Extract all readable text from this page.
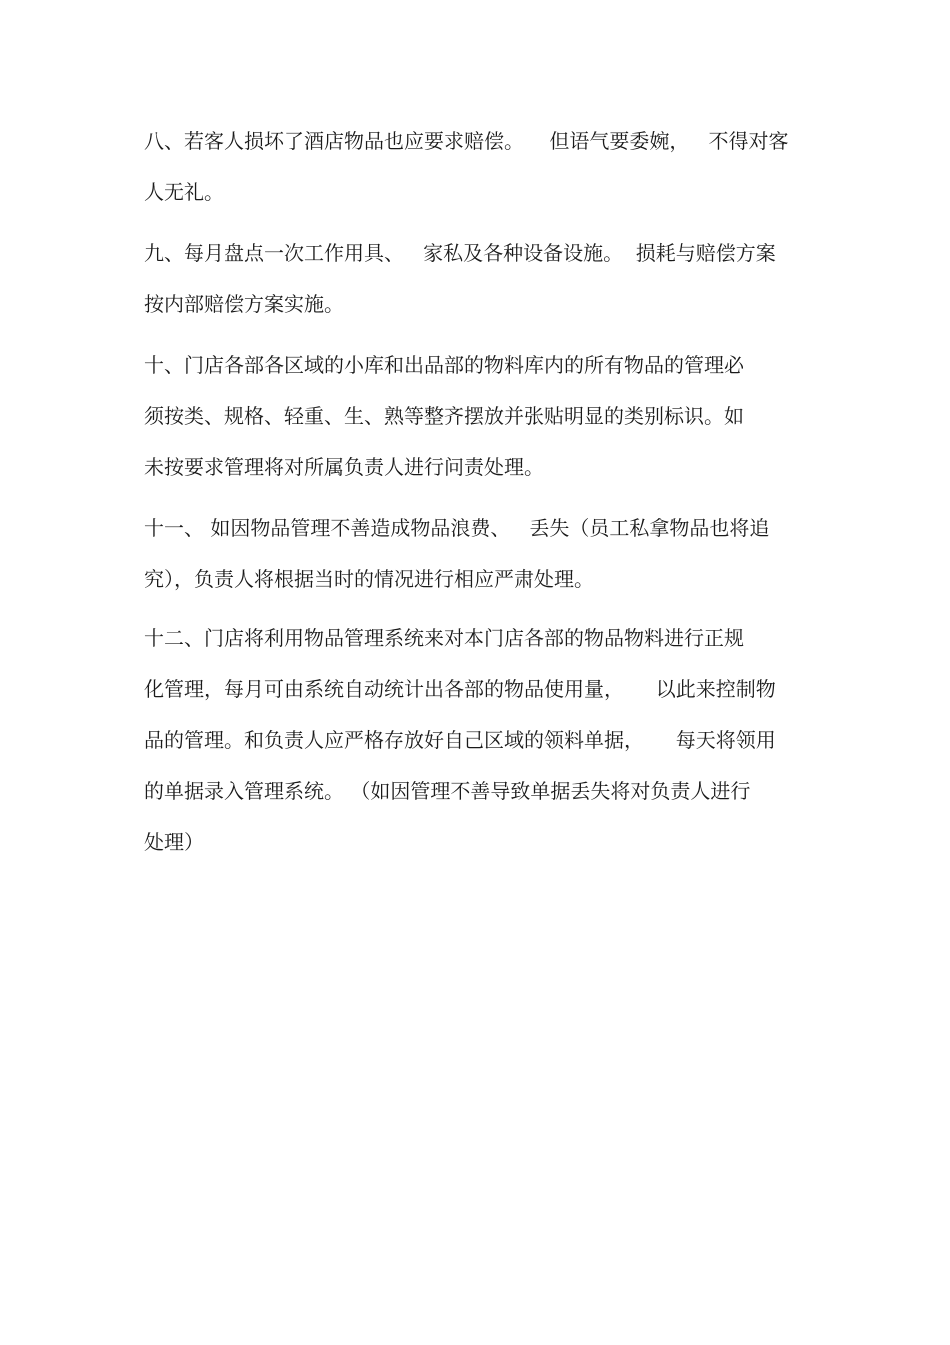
八、若客人损坏了酒店物品也应要求赔偿。    但语气要委婉，   不得对客
人无礼。
九、每月盘点一次工作用具、   家私及各种设备设施。  损耗与赔偿方案
按内部赔偿方案实施。
十、门店各部各区域的小库和出品部的物料库内的所有物品的管理必
须按类、规格、轻重、生、熟等整齐摆放并张贴明显的类别标识。如
未按要求管理将对所属负责人进行问责处理。
十一、 如因物品管理不善造成物品浪费、   丢失（员工私拿物品也将追
究），负责人将根据当时的情况进行相应严肃处理。
十二、门店将利用物品管理系统来对本门店各部的物品物料进行正规
化管理，每月可由系统自动统计出各部的物品使用量，     以此来控制物
品的管理。和负责人应严格存放好自己区域的领料单据，     每天将领用
的单据录入管理系统。 （如因管理不善导致单据丢失将对负责人进行
处理）
